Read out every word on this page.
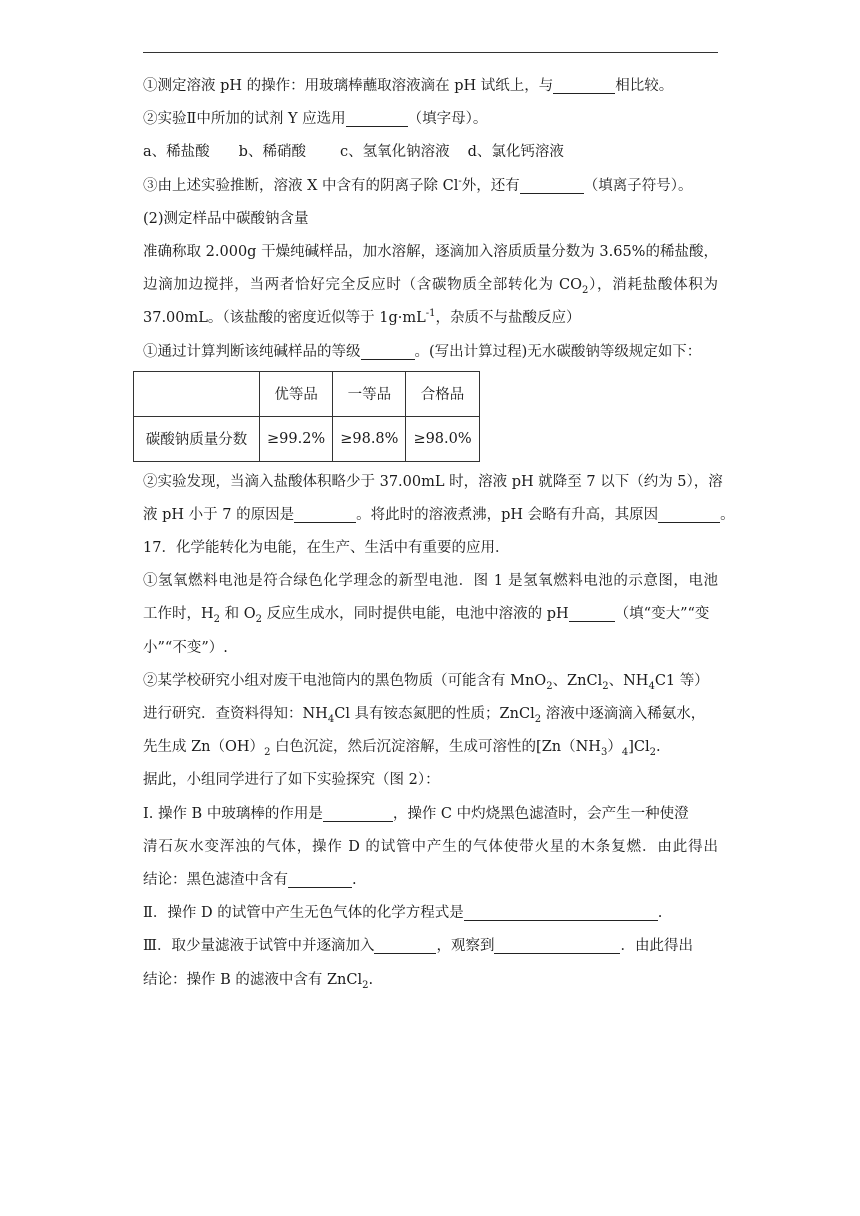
①测定溶液 pH 的操作：用玻璃棒蘸取溶液滴在 pH 试纸上，与	相比较。
②实验Ⅱ中所加的试剂 Y 应选用	（填字母）。
a、稀盐酸 b、稀硝酸 c、氢氧化钠溶液 d、氯化钙溶液
③由上述实验推断，溶液 X 中含有的阴离子除 Cl-外，还有	（填离子符号）。
(2)测定样品中碳酸钠含量
准确称取 2.000g 干燥纯碱样品，加水溶解，逐滴加入溶质质量分数为 3.65%的稀盐酸，
边滴加边搅拌，当两者恰好完全反应时（含碳物质全部转化为 $CO_2$），消耗盐酸体积为
37.00mL。（该盐酸的密度近似等于 $1g\cdot mL^{-1}$，杂质不与盐酸反应）
①通过计算判断该纯碱样品的等级	。(写出计算过程)无水碳酸钠等级规定如下：
	优等品	一等品	合格品
碳酸钠质量分数	≥99.2%	≥98.8%	≥98.0%
②实验发现，当滴入盐酸体积略少于 37.00mL 时，溶液 pH 就降至 7 以下（约为 5），溶
液 pH 小于 7 的原因是	。将此时的溶液煮沸，pH 会略有升高，其原因	。
17．化学能转化为电能，在生产、生活中有重要的应用．
①氢氧燃料电池是符合绿色化学理念的新型电池．图 1 是氢氧燃料电池的示意图，电池
工作时，$H_2$ 和 $O_2$ 反应生成水，同时提供电能，电池中溶液的 pH	（填“变大”“变
小”“不变”）.
②某学校研究小组对废干电池筒内的黑色物质（可能含有 MnO$_2$、ZnCl$_2$、$NH_4C1$ 等）
进行研究．查资料得知：$NH_4Cl$ 具有铵态氮肥的性质；ZnCl$_2$ 溶液中逐滴滴入稀氨水，
先生成 $Zn(OH)_2$ 白色沉淀，然后沉淀溶解，生成可溶性的$[Zn(NH_3)_4]Cl_2$.
据此，小组同学进行了如下实验探究（图 2）：
I. 操作 B 中玻璃棒的作用是	，操作 C 中灼烧黑色滤渣时，会产生一种使澄
清石灰水变浑浊的气体，操作 D 的试管中产生的气体使带火星的木条复燃．由此得出
结论：黑色滤渣中含有	.
Ⅱ．操作 D 的试管中产生无色气体的化学方程式是	.
Ⅲ．取少量滤液于试管中并逐滴加入	，观察到	．由此得出
结论：操作 B 的滤液中含有 ZnCl$_2$.
